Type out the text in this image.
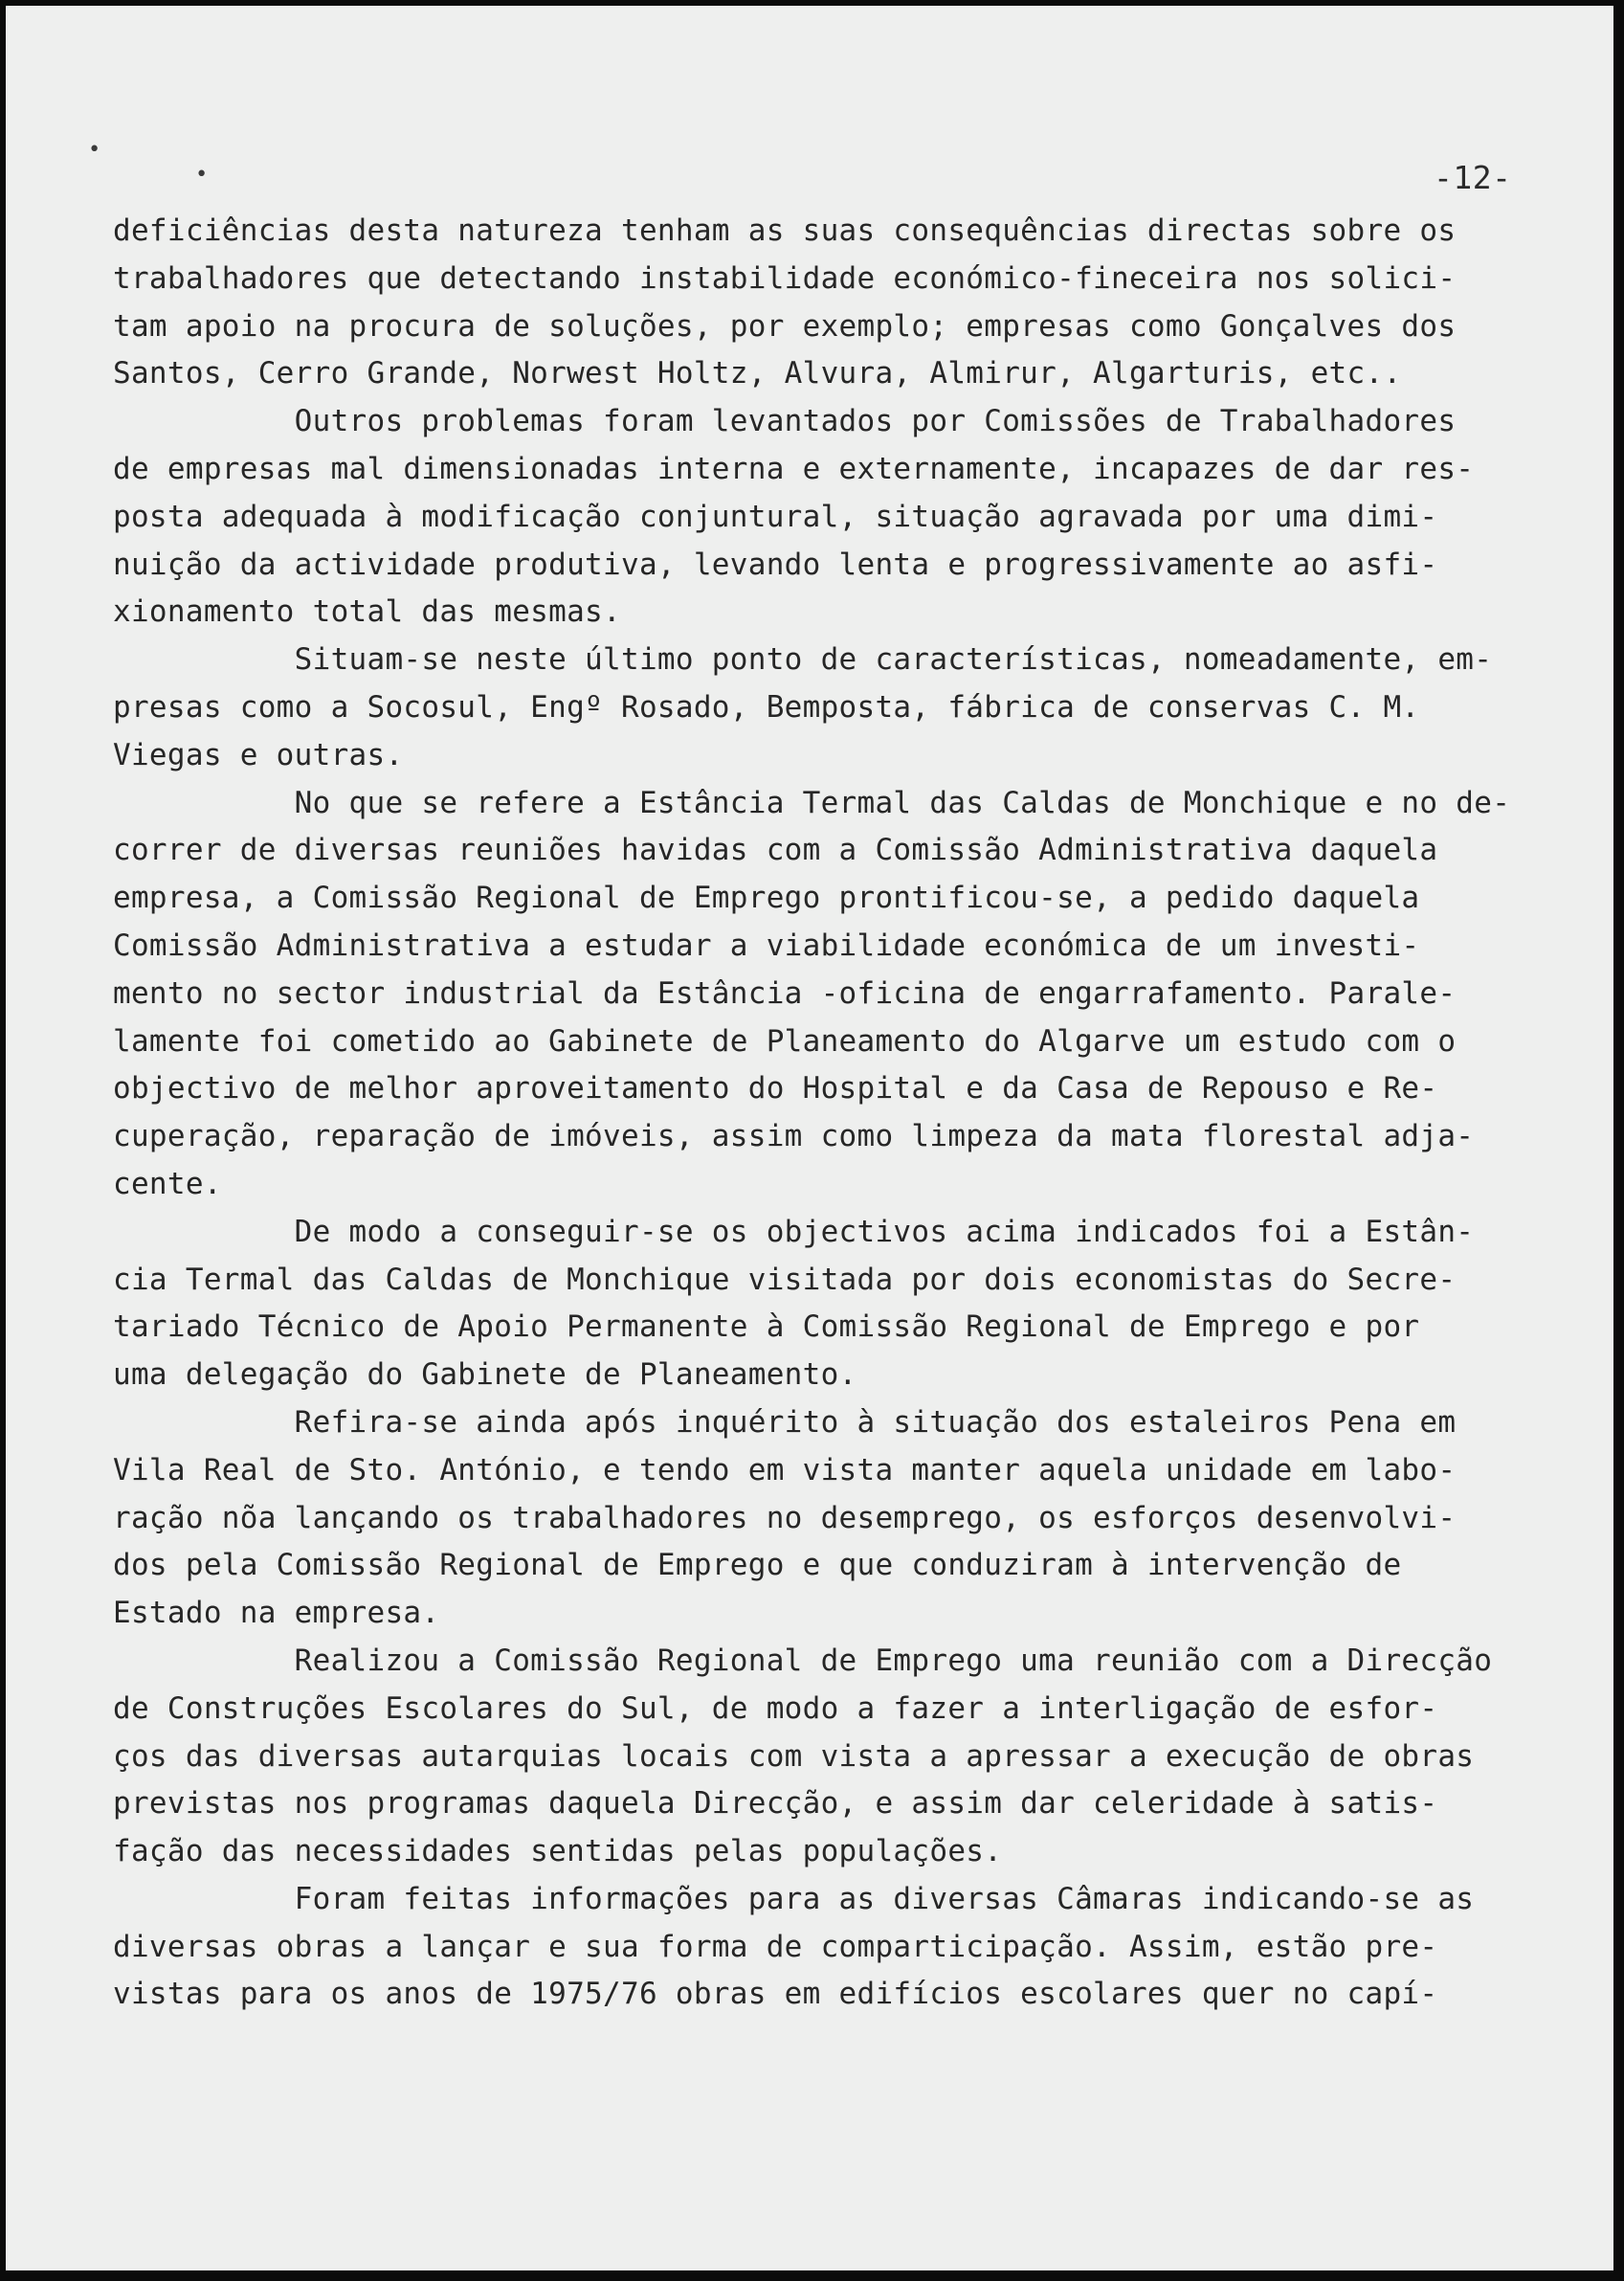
•
•	-12-

deficiências desta natureza tenham as suas consequências directas sobre os
trabalhadores que detectando instabilidade económico-fineceira nos solici-
tam apoio na procura de soluções, por exemplo; empresas como Gonçalves dos
Santos, Cerro Grande, Norwest Holtz, Alvura, Almirur, Algarturis, etc..
Outros problemas foram levantados por Comissões de Trabalhadores
de empresas mal dimensionadas interna e externamente, incapazes de dar res-
posta adequada à modificação conjuntural, situação agravada por uma dimi-
nuição da actividade produtiva, levando lenta e progressivamente ao asfi-
xionamento total das mesmas.
Situam-se neste último ponto de características, nomeadamente, em-
presas como a Socosul, Engº Rosado, Bemposta, fábrica de conservas C. M.
Viegas e outras.
No que se refere a Estância Termal das Caldas de Monchique e no de-
correr de diversas reuniões havidas com a Comissão Administrativa daquela
empresa, a Comissão Regional de Emprego prontificou-se, a pedido daquela
Comissão Administrativa a estudar a viabilidade económica de um investi-
mento no sector industrial da Estância -oficina de engarrafamento. Parale-
lamente foi cometido ao Gabinete de Planeamento do Algarve um estudo com o
objectivo de melhor aproveitamento do Hospital e da Casa de Repouso e Re-
cuperação, reparação de imóveis, assim como limpeza da mata florestal adja-
cente.
De modo a conseguir-se os objectivos acima indicados foi a Estân-
cia Termal das Caldas de Monchique visitada por dois economistas do Secre-
tariado Técnico de Apoio Permanente à Comissão Regional de Emprego e por
uma delegação do Gabinete de Planeamento.
Refira-se ainda após inquérito à situação dos estaleiros Pena em
Vila Real de Sto. António, e tendo em vista manter aquela unidade em labo-
ração nõa lançando os trabalhadores no desemprego, os esforços desenvolvi-
dos pela Comissão Regional de Emprego e que conduziram à intervenção de
Estado na empresa.
Realizou a Comissão Regional de Emprego uma reunião com a Direcção
de Construções Escolares do Sul, de modo a fazer a interligação de esfor-
ços das diversas autarquias locais com vista a apressar a execução de obras
previstas nos programas daquela Direcção, e assim dar celeridade à satis-
fação das necessidades sentidas pelas populações.
Foram feitas informações para as diversas Câmaras indicando-se as
diversas obras a lançar e sua forma de comparticipação. Assim, estão pre-
vistas para os anos de 1975/76 obras em edifícios escolares quer no capí-
